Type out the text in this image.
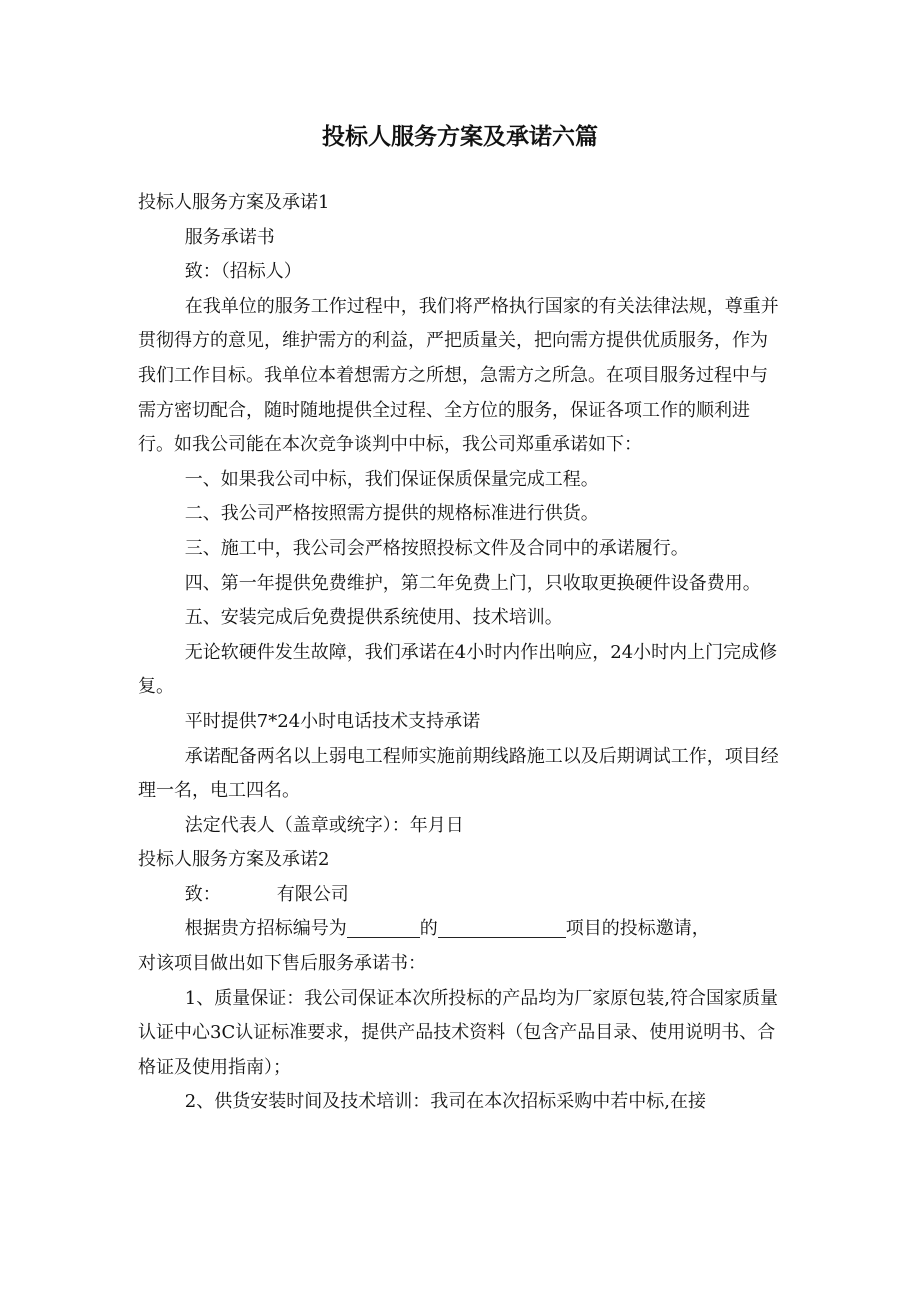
投标人服务方案及承诺六篇

投标人服务方案及承诺1

服务承诺书

致：（招标人）

在我单位的服务工作过程中，我们将严格执行国家的有关法律法规，尊重并贯彻得方的意见，维护需方的利益，严把质量关，把向需方提供优质服务，作为我们工作目标。我单位本着想需方之所想，急需方之所急。在项目服务过程中与需方密切配合，随时随地提供全过程、全方位的服务，保证各项工作的顺利进行。如我公司能在本次竞争谈判中中标，我公司郑重承诺如下：

一、如果我公司中标，我们保证保质保量完成工程。

二、我公司严格按照需方提供的规格标准进行供货。

三、施工中，我公司会严格按照投标文件及合同中的承诺履行。

四、第一年提供免费维护，第二年免费上门，只收取更换硬件设备费用。

五、安装完成后免费提供系统使用、技术培训。

无论软硬件发生故障，我们承诺在4小时内作出响应，24小时内上门完成修复。

平时提供7*24小时电话技术支持承诺

承诺配备两名以上弱电工程师实施前期线路施工以及后期调试工作，项目经理一名，电工四名。

法定代表人（盖章或统字）：年月日

投标人服务方案及承诺2

致：	有限公司

根据贵方招标编号为	的	项目的投标邀请，

对该项目做出如下售后服务承诺书：

1、质量保证：我公司保证本次所投标的产品均为厂家原包装,符合国家质量认证中心3C认证标准要求，提供产品技术资料（包含产品目录、使用说明书、合格证及使用指南）；

2、供货安装时间及技术培训：我司在本次招标采购中若中标,在接
